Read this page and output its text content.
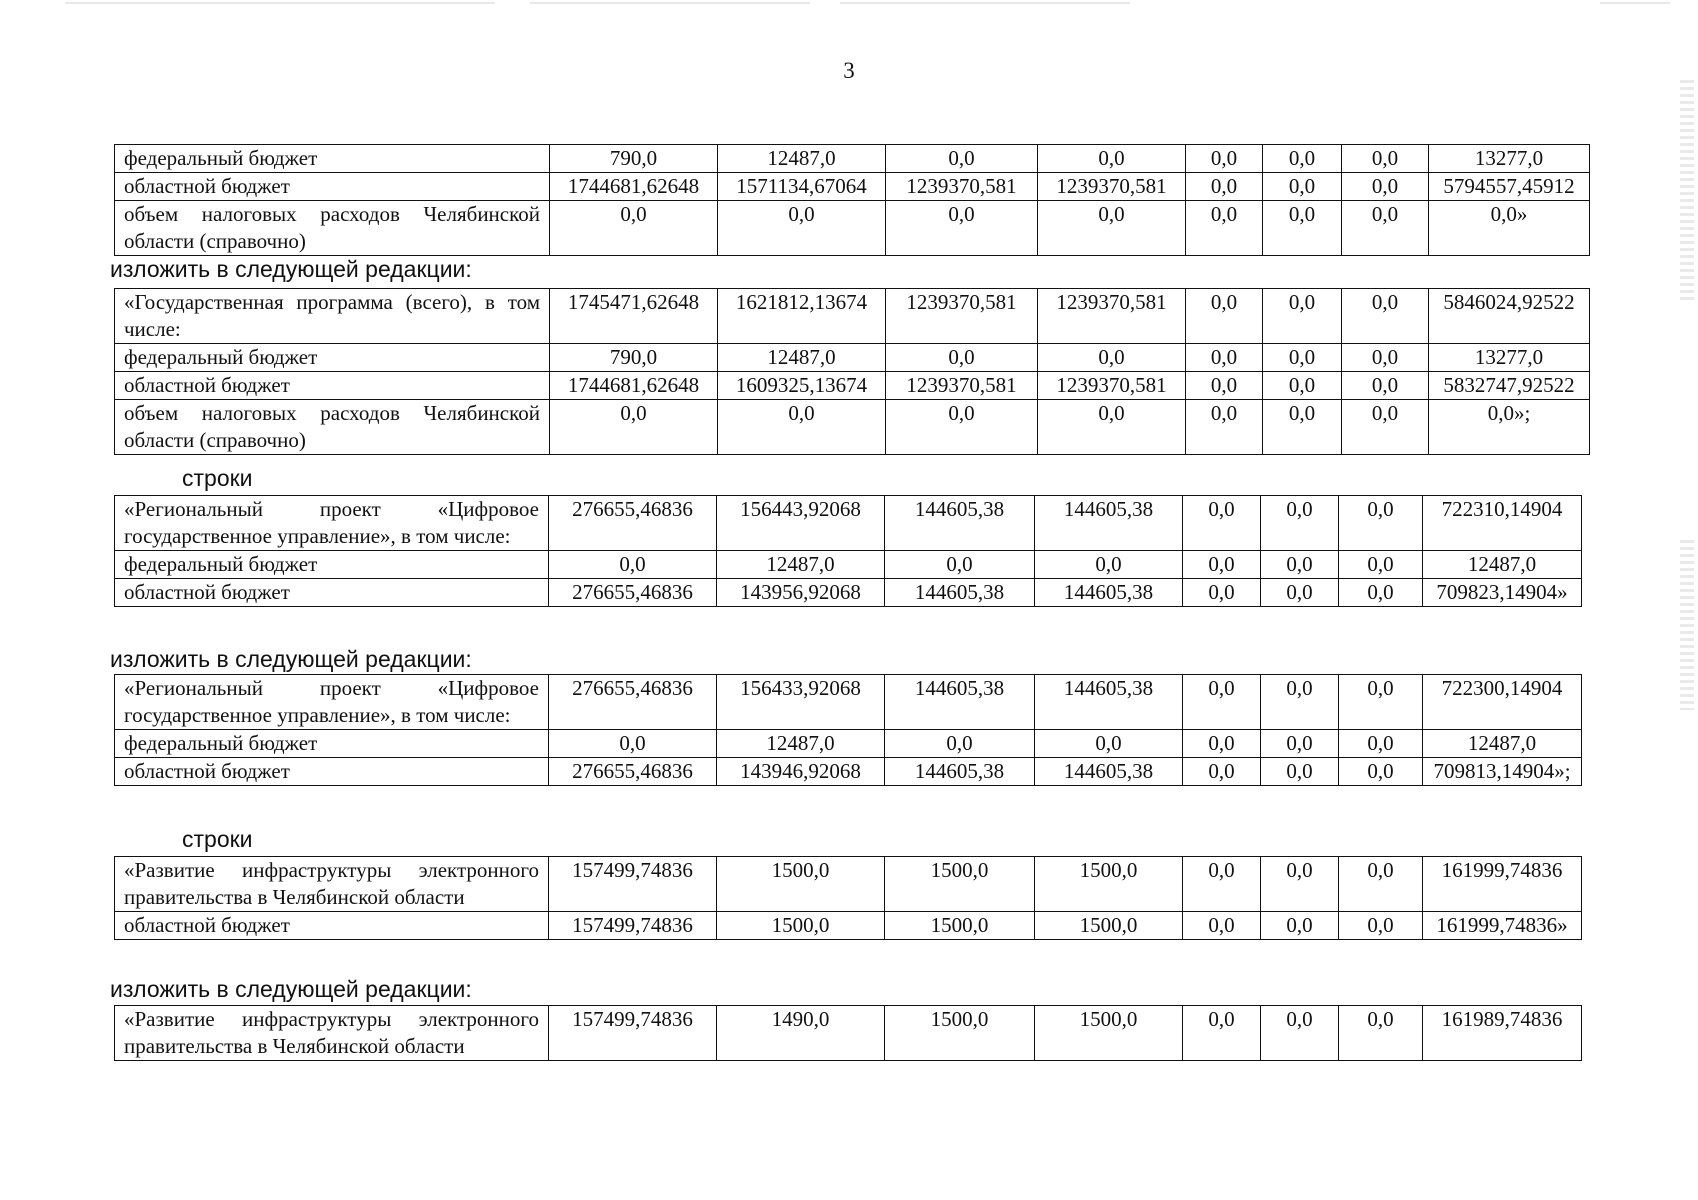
3
федеральный бюджет	790,0	12487,0	0,0	0,0	0,0	0,0	0,0	13277,0
областной бюджет	1744681,62648	1571134,67064	1239370,581	1239370,581	0,0	0,0	0,0	5794557,45912
объем налоговых расходов Челябинской области (справочно)	0,0	0,0	0,0	0,0	0,0	0,0	0,0	0,0»
изложить в следующей редакции:
«Государственная программа (всего), в том числе:	1745471,62648	1621812,13674	1239370,581	1239370,581	0,0	0,0	0,0	5846024,92522
федеральный бюджет	790,0	12487,0	0,0	0,0	0,0	0,0	0,0	13277,0
областной бюджет	1744681,62648	1609325,13674	1239370,581	1239370,581	0,0	0,0	0,0	5832747,92522
объем налоговых расходов Челябинской области (справочно)	0,0	0,0	0,0	0,0	0,0	0,0	0,0	0,0»;
строки
«Региональный проект «Цифровое государственное управление», в том числе:	276655,46836	156443,92068	144605,38	144605,38	0,0	0,0	0,0	722310,14904
федеральный бюджет	0,0	12487,0	0,0	0,0	0,0	0,0	0,0	12487,0
областной бюджет	276655,46836	143956,92068	144605,38	144605,38	0,0	0,0	0,0	709823,14904»
изложить в следующей редакции:
«Региональный проект «Цифровое государственное управление», в том числе:	276655,46836	156433,92068	144605,38	144605,38	0,0	0,0	0,0	722300,14904
федеральный бюджет	0,0	12487,0	0,0	0,0	0,0	0,0	0,0	12487,0
областной бюджет	276655,46836	143946,92068	144605,38	144605,38	0,0	0,0	0,0	709813,14904»;
строки
«Развитие инфраструктуры электронного правительства в Челябинской области	157499,74836	1500,0	1500,0	1500,0	0,0	0,0	0,0	161999,74836
областной бюджет	157499,74836	1500,0	1500,0	1500,0	0,0	0,0	0,0	161999,74836»
изложить в следующей редакции:
«Развитие инфраструктуры электронного правительства в Челябинской области	157499,74836	1490,0	1500,0	1500,0	0,0	0,0	0,0	161989,74836
